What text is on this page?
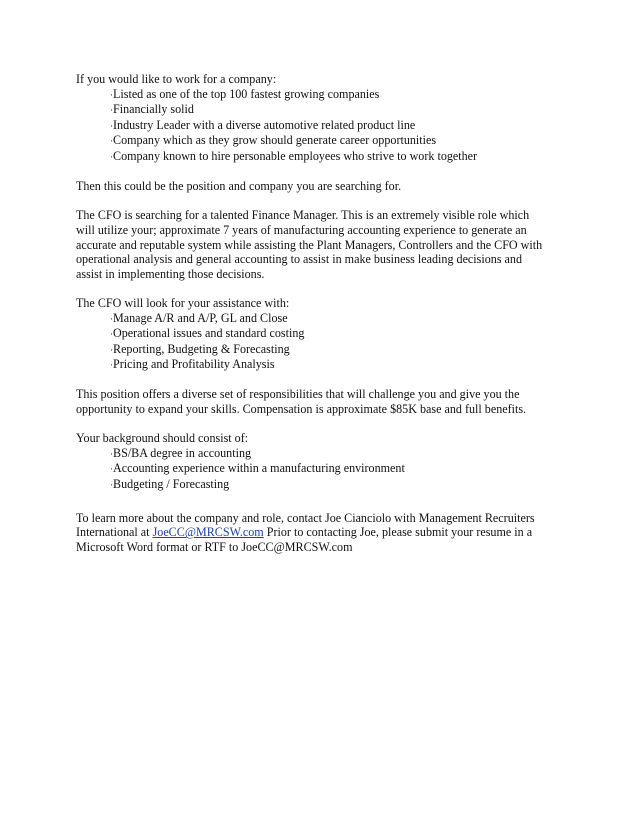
If you would like to work for a company:

·Listed as one of the top 100 fastest growing companies
·Financially solid
·Industry Leader with a diverse automotive related product line
·Company which as they grow should generate career opportunities
·Company known to hire personable employees who strive to work together

Then this could be the position and company you are searching for.

The CFO is searching for a talented Finance Manager. This is an extremely visible role which
will utilize your; approximate 7 years of manufacturing accounting experience to generate an
accurate and reputable system while assisting the Plant Managers, Controllers and the CFO with
operational analysis and general accounting to assist in make business leading decisions and
assist in implementing those decisions.

The CFO will look for your assistance with:

·Manage A/R and A/P, GL and Close
·Operational issues and standard costing
·Reporting, Budgeting & Forecasting
·Pricing and Profitability Analysis

This position offers a diverse set of responsibilities that will challenge you and give you the
opportunity to expand your skills. Compensation is approximate $85K base and full benefits.

Your background should consist of:

·BS/BA degree in accounting
·Accounting experience within a manufacturing environment
·Budgeting / Forecasting

To learn more about the company and role, contact Joe Cianciolo with Management Recruiters
International at JoeCC@MRCSW.com Prior to contacting Joe, please submit your resume in a
Microsoft Word format or RTF to JoeCC@MRCSW.com
